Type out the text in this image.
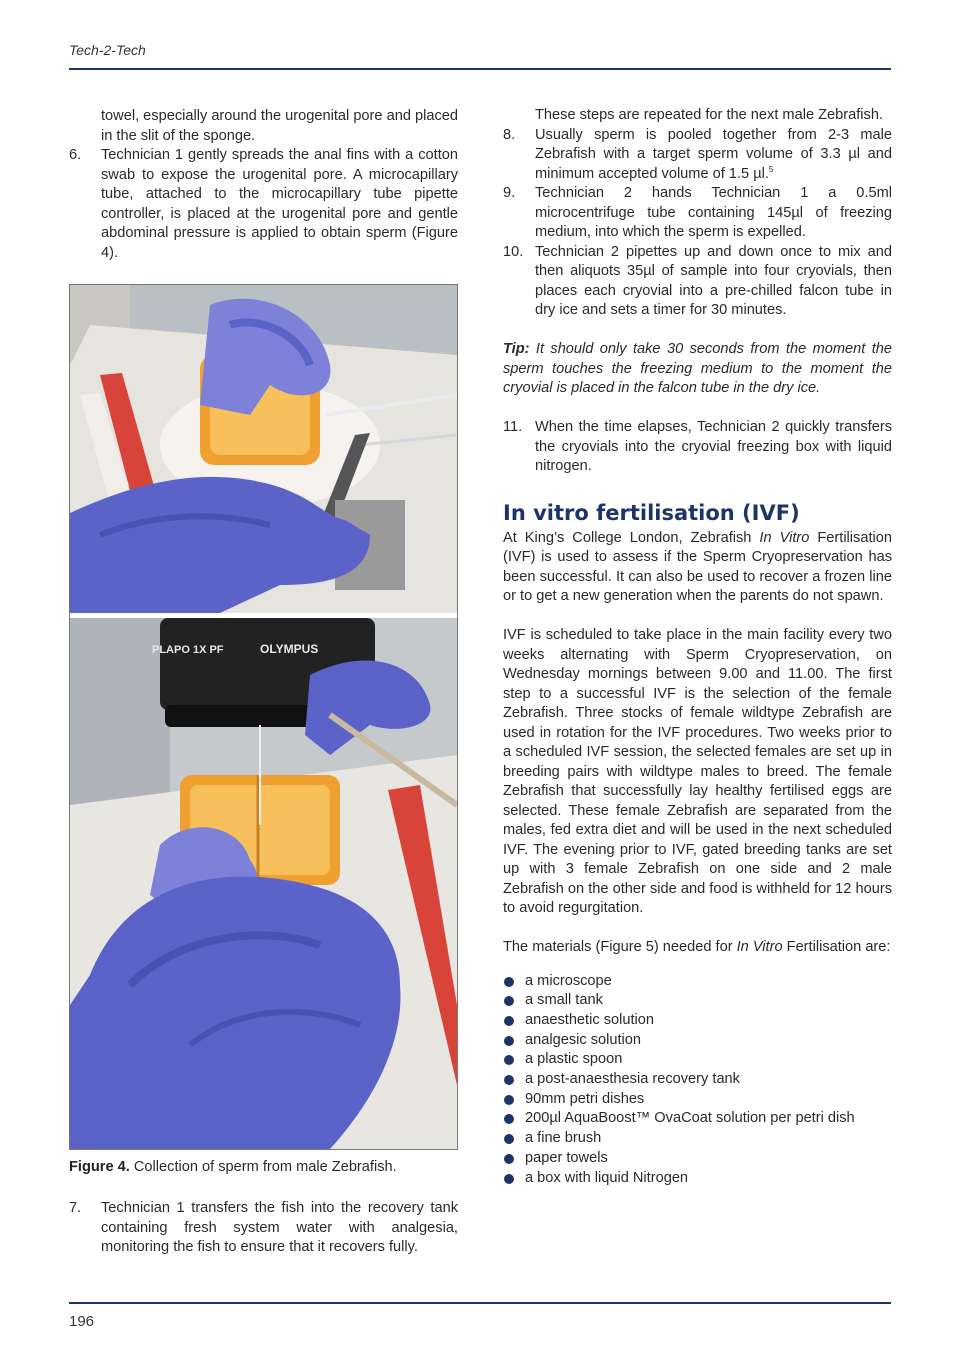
Tech-2-Tech

towel, especially around the urogenital pore and placed in the slit of the sponge.

6. Technician 1 gently spreads the anal fins with a cotton swab to expose the urogenital pore. A microcapillary tube, attached to the microcapillary tube pipette controller, is placed at the urogenital pore and gentle abdominal pressure is applied to obtain sperm (Figure 4).

PLAPO 1X PF	OLYMPUS
Figure 4. Collection of sperm from male Zebrafish.

7. Technician 1 transfers the fish into the recovery tank containing fresh system water with analgesia, monitoring the fish to ensure that it recovers fully.

These steps are repeated for the next male Zebrafish.

8. Usually sperm is pooled together from 2-3 male Zebrafish with a target sperm volume of 3.3 µl and minimum accepted volume of 1.5 µl.$^5$

9. Technician 2 hands Technician 1 a 0.5ml microcentrifuge tube containing 145µl of freezing medium, into which the sperm is expelled.

10. Technician 2 pipettes up and down once to mix and then aliquots 35µl of sample into four cryovials, then places each cryovial into a pre-chilled falcon tube in dry ice and sets a timer for 30 minutes.

Tip: It should only take 30 seconds from the moment the sperm touches the freezing medium to the moment the cryovial is placed in the falcon tube in the dry ice.

11. When the time elapses, Technician 2 quickly transfers the cryovials into the cryovial freezing box with liquid nitrogen.

In vitro fertilisation (IVF)

At King’s College London, Zebrafish In Vitro Fertilisation (IVF) is used to assess if the Sperm Cryopreservation has been successful. It can also be used to recover a frozen line or to get a new generation when the parents do not spawn.

IVF is scheduled to take place in the main facility every two weeks alternating with Sperm Cryopreservation, on Wednesday mornings between 9.00 and 11.00. The first step to a successful IVF is the selection of the female Zebrafish. Three stocks of female wildtype Zebrafish are used in rotation for the IVF procedures. Two weeks prior to a scheduled IVF session, the selected females are set up in breeding pairs with wildtype males to breed. The female Zebrafish that successfully lay healthy fertilised eggs are selected. These female Zebrafish are separated from the males, fed extra diet and will be used in the next scheduled IVF. The evening prior to IVF, gated breeding tanks are set up with 3 female Zebrafish on one side and 2 male Zebrafish on the other side and food is withheld for 12 hours to avoid regurgitation.

The materials (Figure 5) needed for In Vitro Fertilisation are:

a microscope
a small tank
anaesthetic solution
analgesic solution
a plastic spoon
a post-anaesthesia recovery tank
90mm petri dishes
200µl AquaBoost™ OvaCoat solution per petri dish
a fine brush
paper towels
a box with liquid Nitrogen
196
